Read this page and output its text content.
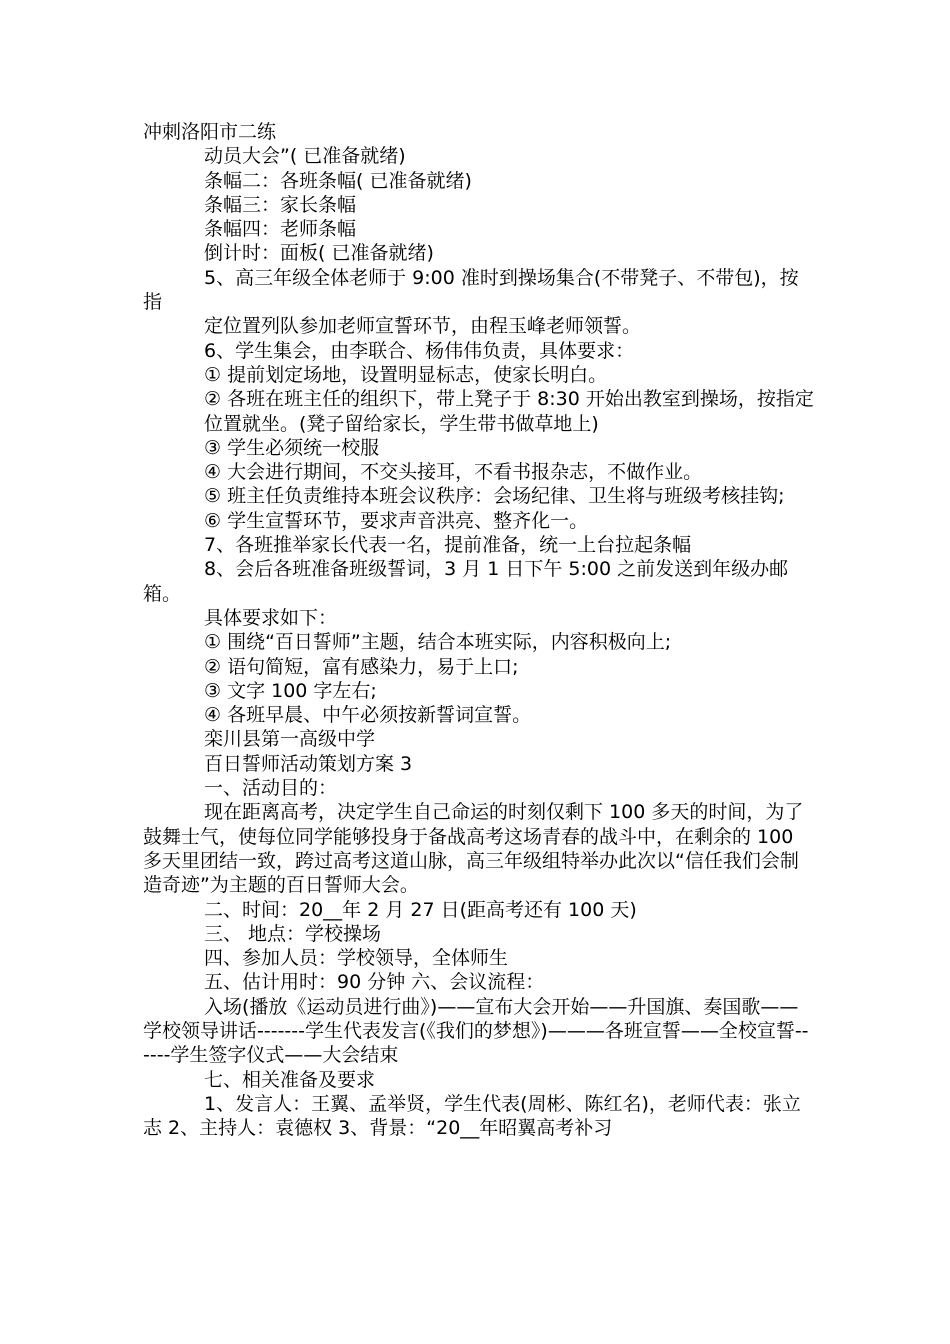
冲刺洛阳市二练

动员大会”( 已准备就绪)

条幅二：各班条幅( 已准备就绪)

条幅三：家长条幅

条幅四：老师条幅

倒计时：面板( 已准备就绪)

5、高三年级全体老师于 9:00 准时到操场集合(不带凳子、不带包)，按指

定位置列队参加老师宣誓环节，由程玉峰老师领誓。

6、学生集会，由李联合、杨伟伟负责，具体要求：

① 提前划定场地，设置明显标志，使家长明白。

② 各班在班主任的组织下，带上凳子于 8:30 开始出教室到操场，按指定

位置就坐。(凳子留给家长，学生带书做草地上)

③ 学生必须统一校服

④ 大会进行期间，不交头接耳，不看书报杂志，不做作业。

⑤ 班主任负责维持本班会议秩序：会场纪律、卫生将与班级考核挂钩;

⑥ 学生宣誓环节，要求声音洪亮、整齐化一。

7、各班推举家长代表一名，提前准备，统一上台拉起条幅

8、会后各班准备班级誓词，3 月 1 日下午 5:00 之前发送到年级办邮箱。

具体要求如下：

① 围绕“百日誓师”主题，结合本班实际，内容积极向上;

② 语句简短，富有感染力，易于上口;

③ 文字 100 字左右;

④ 各班早晨、中午必须按新誓词宣誓。

栾川县第一高级中学

百日誓师活动策划方案 3

一、活动目的：

现在距离高考，决定学生自己命运的时刻仅剩下 100 多天的时间，为了鼓舞士气，使每位同学能够投身于备战高考这场青春的战斗中，在剩余的 100 多天里团结一致，跨过高考这道山脉，高三年级组特举办此次以“信任我们会制造奇迹”为主题的百日誓师大会。

二、时间：20__年 2 月 27 日(距高考还有 100 天)

三、 地点：学校操场

四、参加人员：学校领导，全体师生

五、估计用时：90 分钟 六、会议流程：

入场(播放《运动员进行曲》)——宣布大会开始——升国旗、奏国歌——学校领导讲话-------学生代表发言(《我们的梦想》)———各班宣誓——全校宣誓------学生签字仪式——大会结束

七、相关准备及要求

1、发言人：王翼、孟举贤，学生代表(周彬、陈红名)，老师代表：张立志 2、主持人：袁德权 3、背景：“20__年昭翼高考补习
